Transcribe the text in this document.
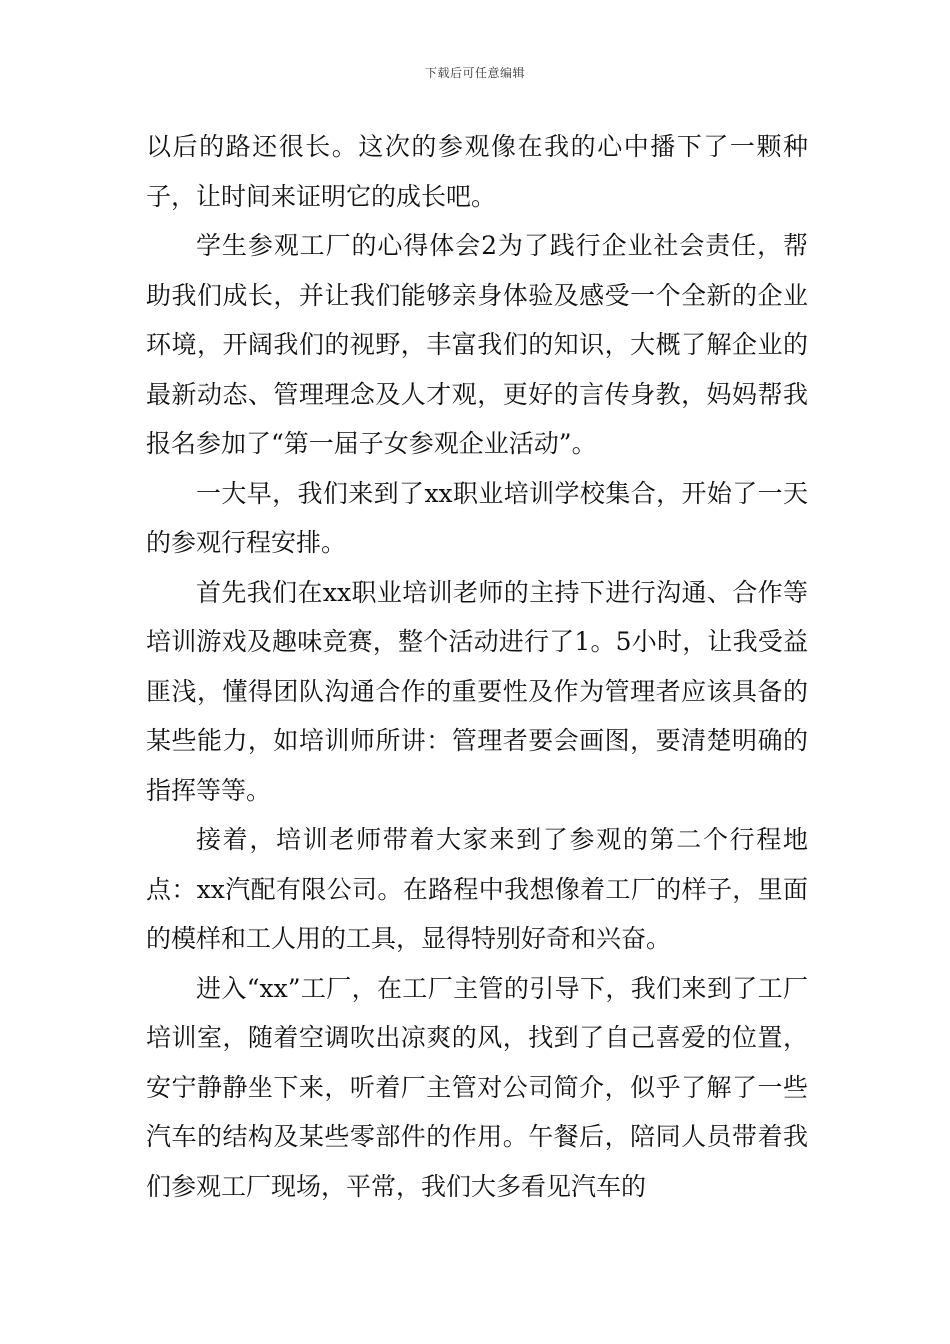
下载后可任意编辑

以后的路还很长。这次的参观像在我的心中播下了一颗种子，让时间来证明它的成长吧。

学生参观工厂的心得体会2为了践行企业社会责任，帮助我们成长，并让我们能够亲身体验及感受一个全新的企业环境，开阔我们的视野，丰富我们的知识，大概了解企业的最新动态、管理理念及人才观，更好的言传身教，妈妈帮我报名参加了“第一届子女参观企业活动”。

一大早，我们来到了xx职业培训学校集合，开始了一天的参观行程安排。

首先我们在xx职业培训老师的主持下进行沟通、合作等培训游戏及趣味竞赛，整个活动进行了1。5小时，让我受益匪浅，懂得团队沟通合作的重要性及作为管理者应该具备的某些能力，如培训师所讲：管理者要会画图，要清楚明确的指挥等等。

接着，培训老师带着大家来到了参观的第二个行程地点：xx汽配有限公司。在路程中我想像着工厂的样子，里面的模样和工人用的工具，显得特别好奇和兴奋。

进入“xx”工厂，在工厂主管的引导下，我们来到了工厂培训室，随着空调吹出凉爽的风，找到了自己喜爱的位置，安宁静静坐下来，听着厂主管对公司简介，似乎了解了一些汽车的结构及某些零部件的作用。午餐后，陪同人员带着我们参观工厂现场，平常，我们大多看见汽车的
